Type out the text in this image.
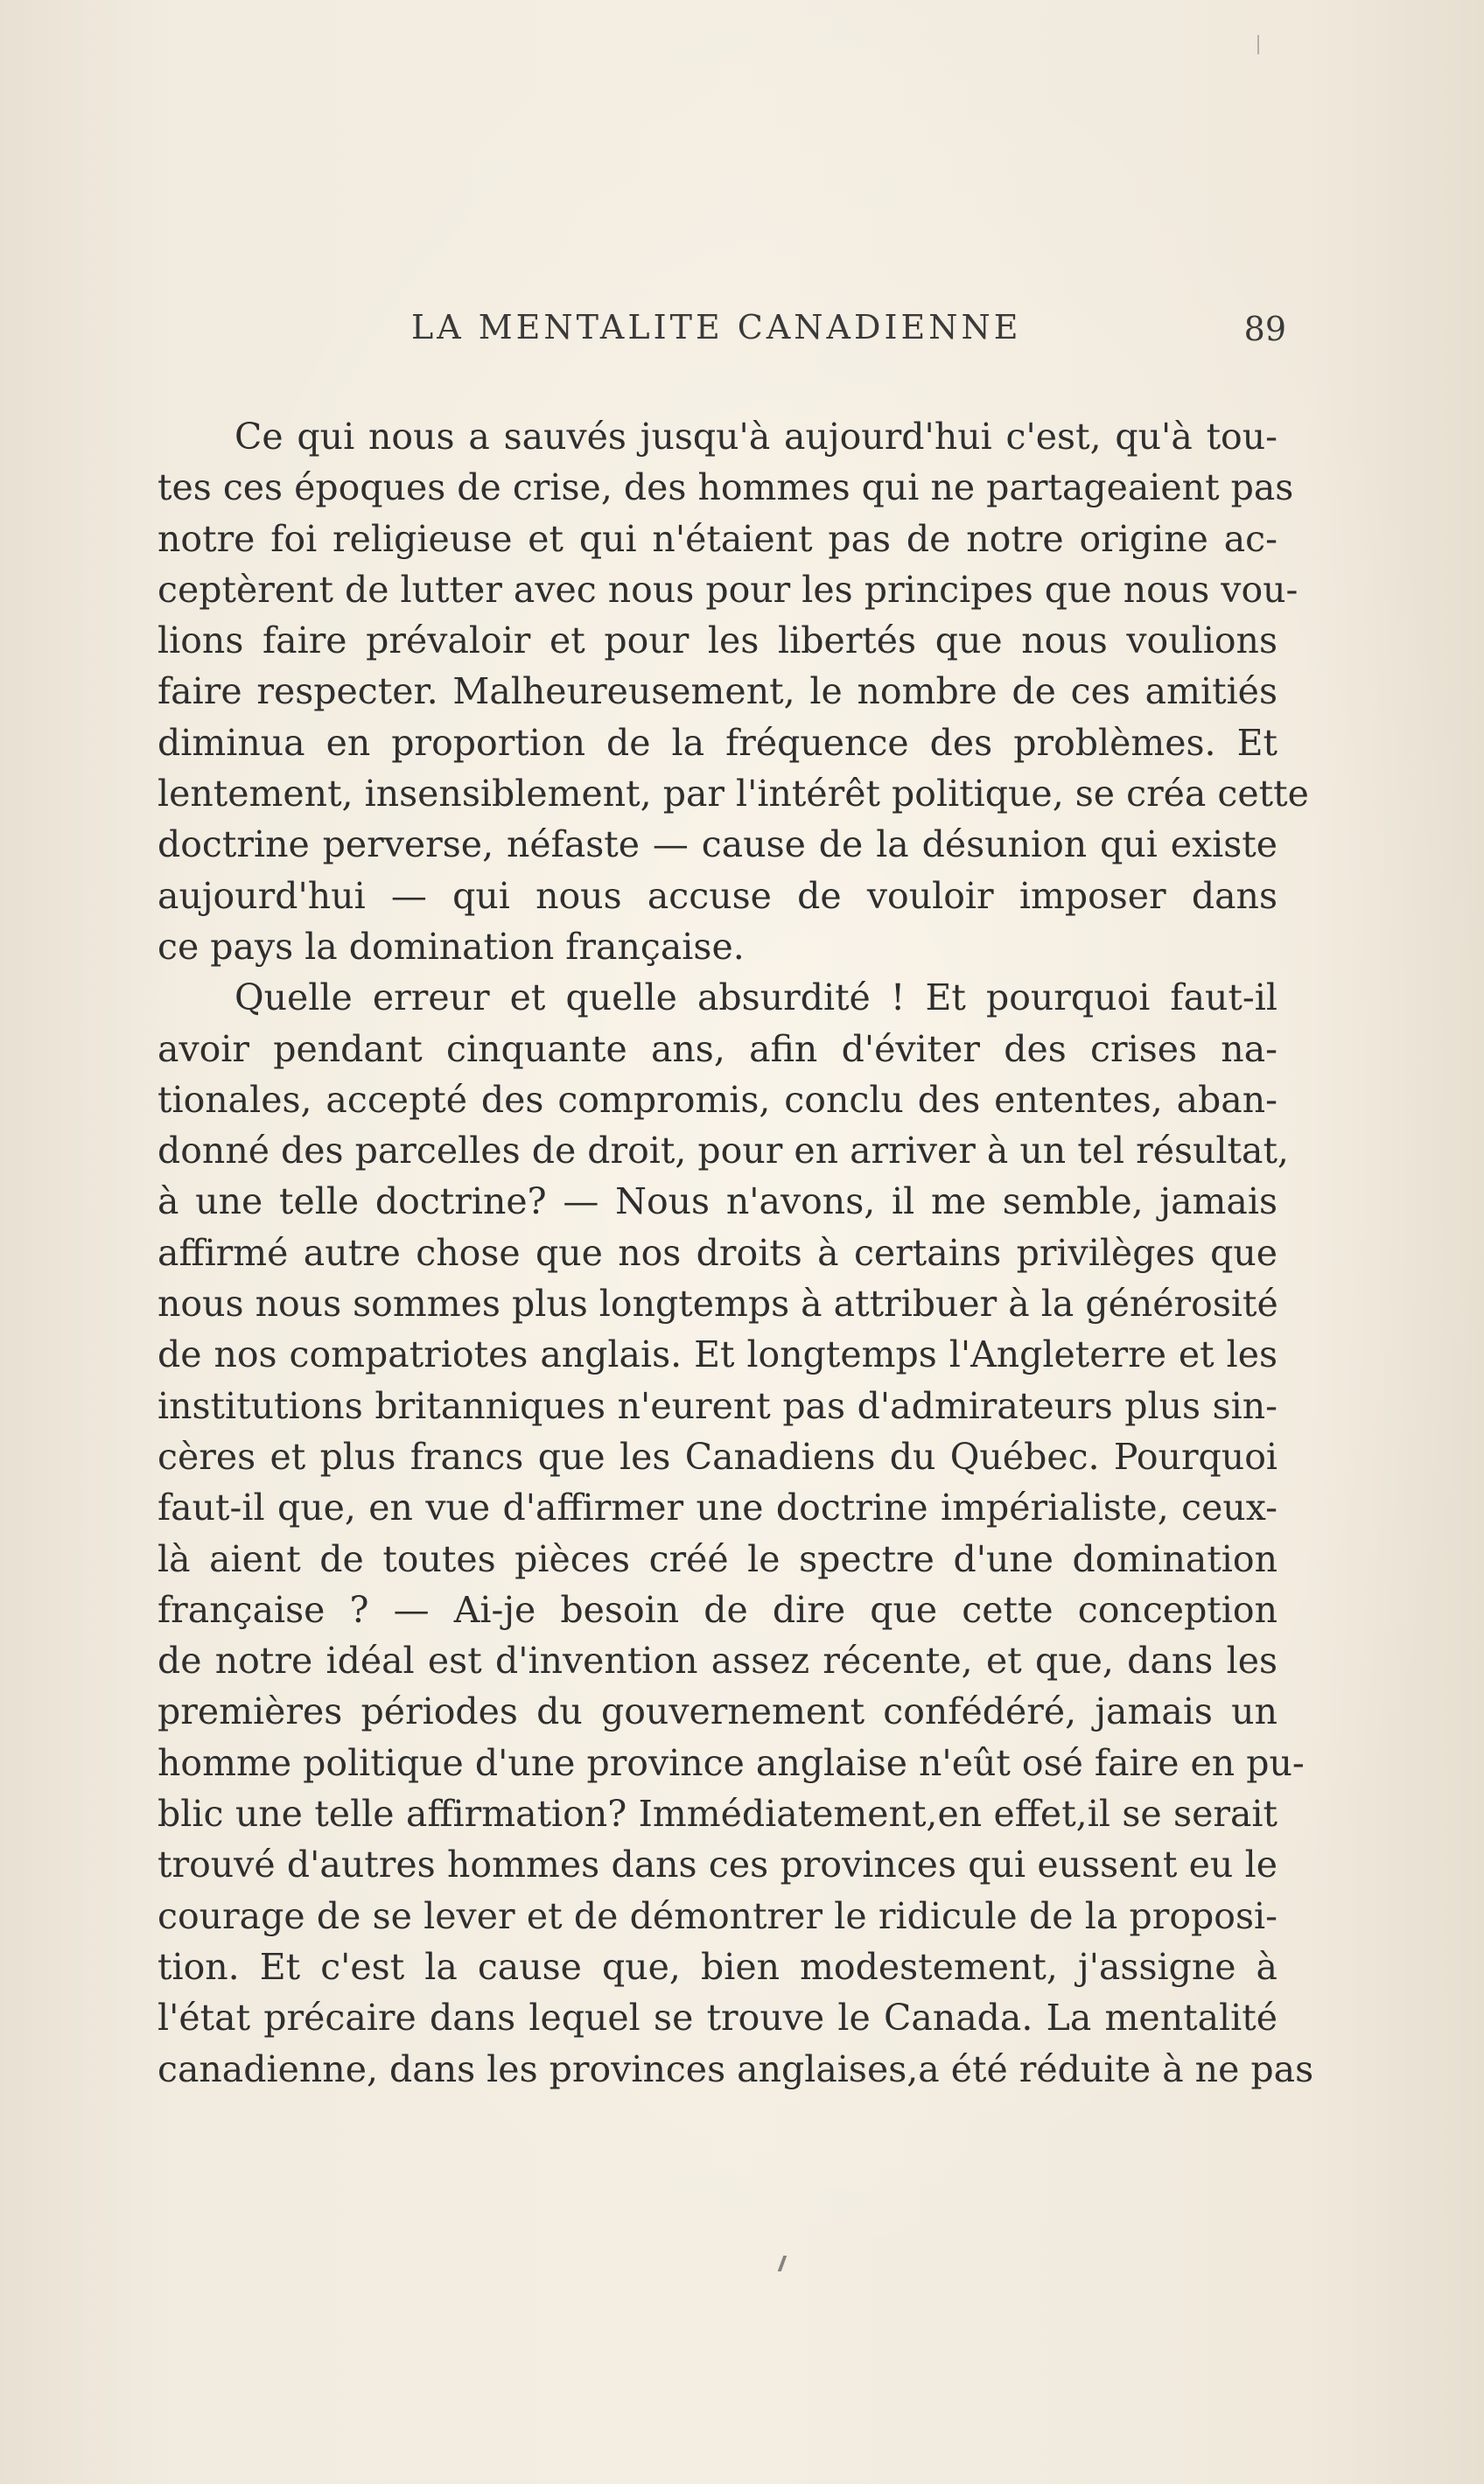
LA MENTALITE CANADIENNE	89
Ce qui nous a sauvés jusqu'à aujourd'hui c'est, qu'à tou-
tes ces époques de crise, des hommes qui ne partageaient pas
notre foi religieuse et qui n'étaient pas de notre origine ac-
ceptèrent de lutter avec nous pour les principes que nous vou-
lions faire prévaloir et pour les libertés que nous voulions
faire respecter. Malheureusement, le nombre de ces amitiés
diminua en proportion de la fréquence des problèmes. Et
lentement, insensiblement, par l'intérêt politique, se créa cette
doctrine perverse, néfaste — cause de la désunion qui existe
aujourd'hui — qui nous accuse de vouloir imposer dans
ce pays la domination française.
Quelle erreur et quelle absurdité ! Et pourquoi faut-il
avoir pendant cinquante ans, afin d'éviter des crises na-
tionales, accepté des compromis, conclu des ententes, aban-
donné des parcelles de droit, pour en arriver à un tel résultat,
à une telle doctrine? — Nous n'avons, il me semble, jamais
affirmé autre chose que nos droits à certains privilèges que
nous nous sommes plus longtemps à attribuer à la générosité
de nos compatriotes anglais. Et longtemps l'Angleterre et les
institutions britanniques n'eurent pas d'admirateurs plus sin-
cères et plus francs que les Canadiens du Québec. Pourquoi
faut-il que, en vue d'affirmer une doctrine impérialiste, ceux-
là aient de toutes pièces créé le spectre d'une domination
française ? — Ai-je besoin de dire que cette conception
de notre idéal est d'invention assez récente, et que, dans les
premières périodes du gouvernement confédéré, jamais un
homme politique d'une province anglaise n'eût osé faire en pu-
blic une telle affirmation? Immédiatement,en effet,il se serait
trouvé d'autres hommes dans ces provinces qui eussent eu le
courage de se lever et de démontrer le ridicule de la proposi-
tion. Et c'est la cause que, bien modestement, j'assigne à
l'état précaire dans lequel se trouve le Canada. La mentalité
canadienne, dans les provinces anglaises,a été réduite à ne pas
